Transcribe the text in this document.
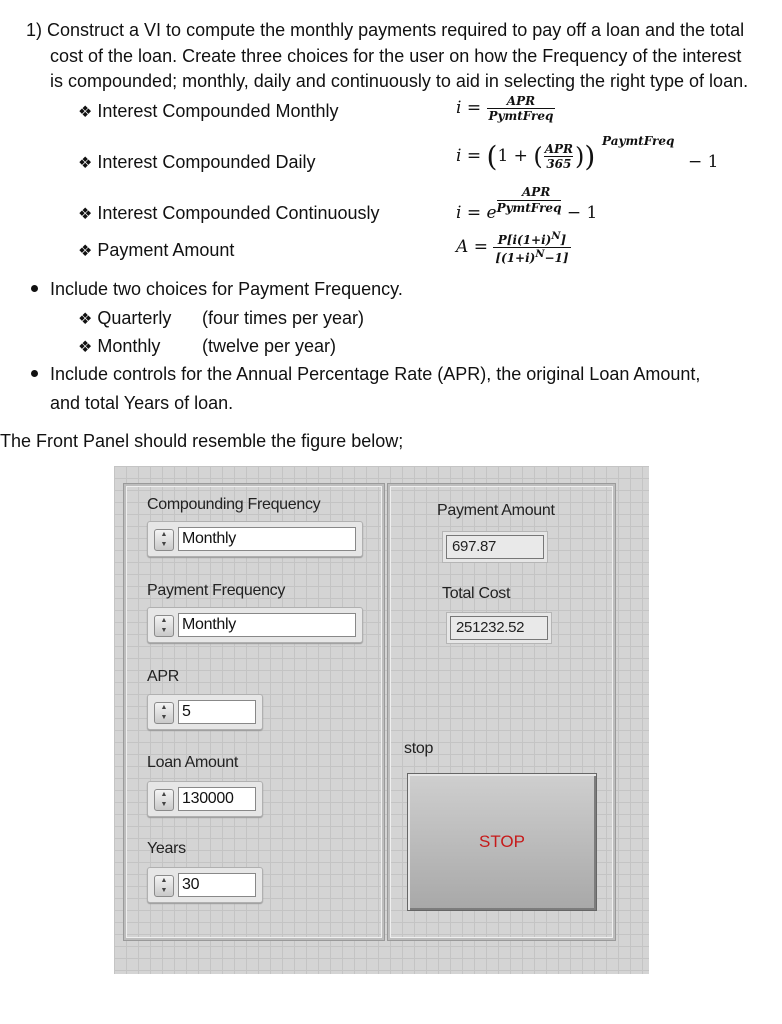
1) Construct a VI to compute the monthly payments required to pay off a loan and the total
cost of the loan. Create three choices for the user on how the Frequency of the interest
is compounded; monthly, daily and continuously to aid in selecting the right type of loan.
❖ Interest Compounded Monthly
❖ Interest Compounded Daily
❖ Interest Compounded Continuously
❖ Payment Amount
$i = \frac{\text{APR}}{\text{PymtFreq}}$
i = (1 + ( $\frac{\text{APR}}{365}$ )) PaymtFreq
− 1
APR
$i = e^{PymtFreq} - 1$
$A = \frac{P[i(1+i)^N]}{[(1+i)^N-1]}$
Include two choices for Payment Frequency.
❖ Quarterly (four times per year)
❖ Monthly (twelve per year)
Include controls for the Annual Percentage Rate (APR), the original Loan Amount,
and total Years of loan.
The Front Panel should resemble the figure below;
Compounding Frequency
▲
▼ Monthly
Payment Frequency
▲
▼ Monthly
APR
▲
▼ 5
Loan Amount
▲
▼ 130000
Years
▲
▼ 30
Payment Amount
697.87
Total Cost
251232.52
stop
STOP
